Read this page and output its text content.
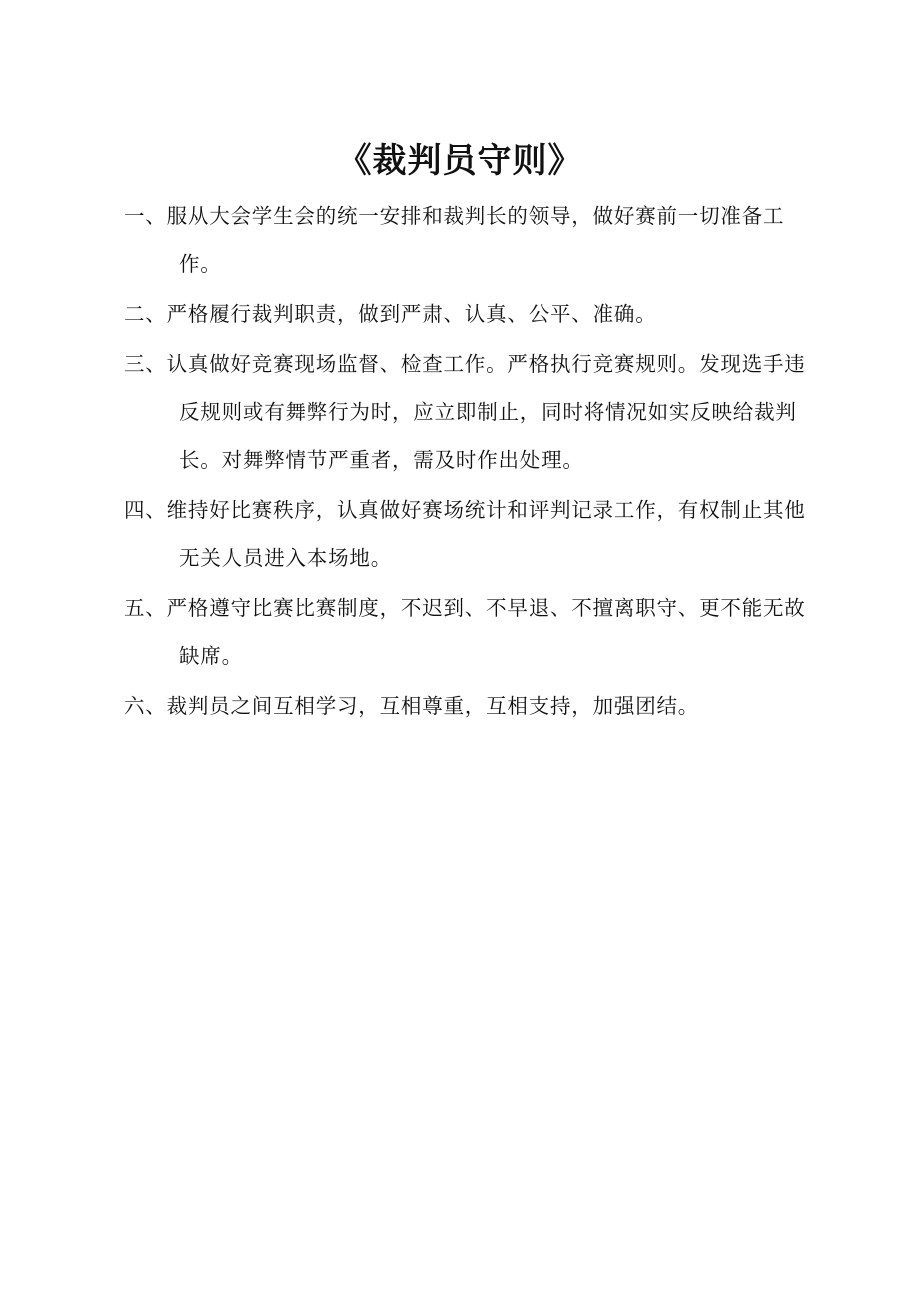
《裁判员守则》
一、服从大会学生会的统一安排和裁判长的领导，做好赛前一切准备工作。
二、严格履行裁判职责，做到严肃、认真、公平、准确。
三、认真做好竞赛现场监督、检查工作。严格执行竞赛规则。发现选手违反规则或有舞弊行为时，应立即制止，同时将情况如实反映给裁判长。对舞弊情节严重者，需及时作出处理。
四、维持好比赛秩序，认真做好赛场统计和评判记录工作，有权制止其他无关人员进入本场地。
五、严格遵守比赛比赛制度，不迟到、不早退、不擅离职守、更不能无故缺席。
六、裁判员之间互相学习，互相尊重，互相支持，加强团结。
